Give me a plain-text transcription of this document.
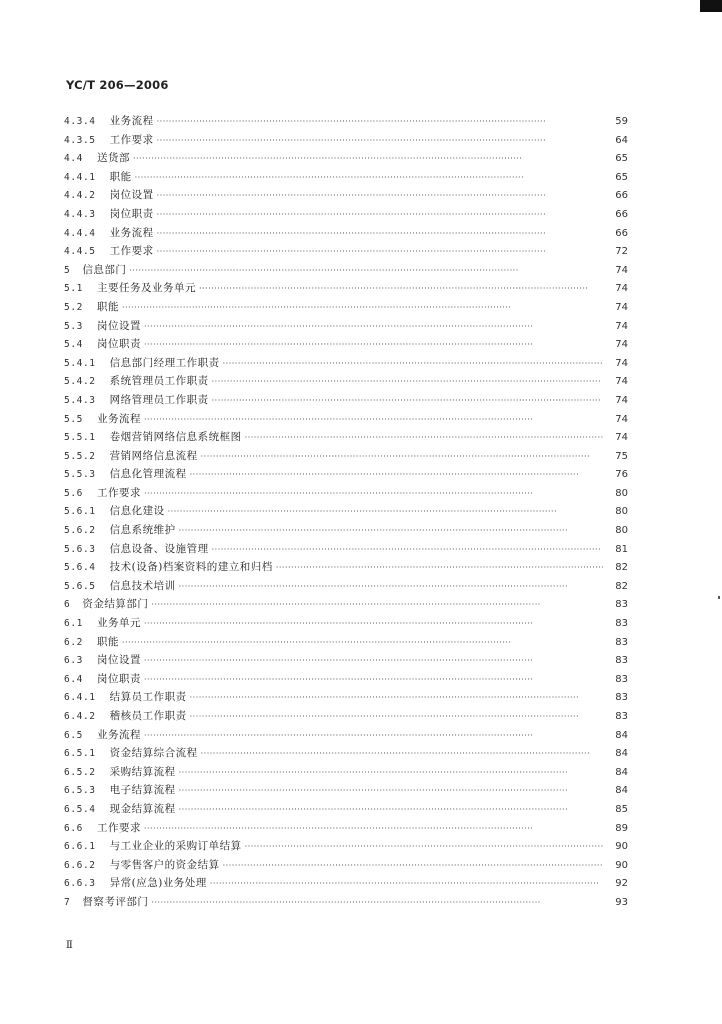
YC/T 206—2006
4.3.4 业务流程 ·····	59
4.3.5 工作要求 ·····	64
4.4 送货部 ·····	65
4.4.1 职能 ·····	65
4.4.2 岗位设置 ·····	66
4.4.3 岗位职责 ·····	66
4.4.4 业务流程 ·····	66
4.4.5 工作要求 ·····	72
5 信息部门 ·····	74
5.1 主要任务及业务单元 ·····	74
5.2 职能 ·····	74
5.3 岗位设置 ·····	74
5.4 岗位职责 ·····	74
5.4.1 信息部门经理工作职责 ·····	74
5.4.2 系统管理员工作职责 ·····	74
5.4.3 网络管理员工作职责 ·····	74
5.5 业务流程 ·····	74
5.5.1 卷烟营销网络信息系统框图 ·····	74
5.5.2 营销网络信息流程 ·····	75
5.5.3 信息化管理流程 ·····	76
5.6 工作要求 ·····	80
5.6.1 信息化建设 ·····	80
5.6.2 信息系统维护 ·····	80
5.6.3 信息设备、设施管理 ·····	81
5.6.4 技术(设备)档案资料的建立和归档 ·····	82
5.6.5 信息技术培训 ·····	82
6 资金结算部门 ·····	83
6.1 业务单元 ·····	83
6.2 职能 ·····	83
6.3 岗位设置 ·····	83
6.4 岗位职责 ·····	83
6.4.1 结算员工作职责 ·····	83
6.4.2 稽核员工作职责 ·····	83
6.5 业务流程 ·····	84
6.5.1 资金结算综合流程 ·····	84
6.5.2 采购结算流程 ·····	84
6.5.3 电子结算流程 ·····	84
6.5.4 现金结算流程 ·····	85
6.6 工作要求 ·····	89
6.6.1 与工业企业的采购订单结算 ·····	90
6.6.2 与零售客户的资金结算 ·····	90
6.6.3 异常(应急)业务处理 ·····	92
7 督察考评部门 ·····	93
Ⅱ
